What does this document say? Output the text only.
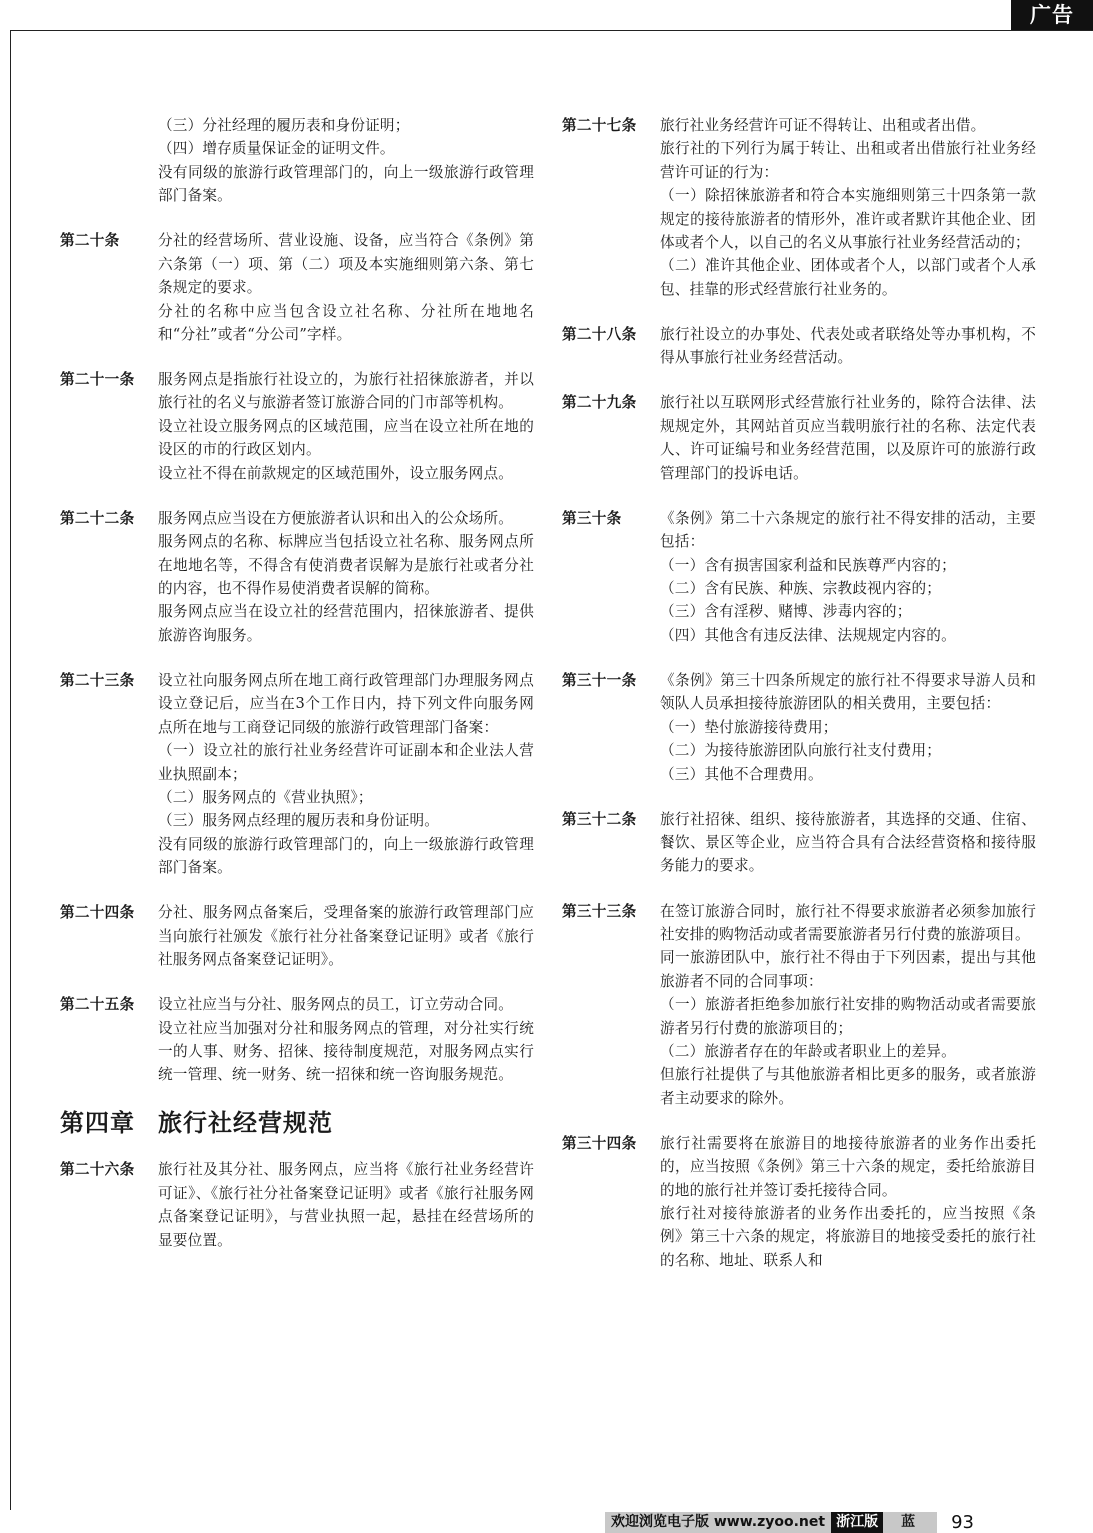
广告
（三）分社经理的履历表和身份证明；
（四）增存质量保证金的证明文件。
没有同级的旅游行政管理部门的，向上一级旅游行政管理部门备案。
第二十条	分社的经营场所、营业设施、设备，应当符合《条例》第六条第（一）项、第（二）项及本实施细则第六条、第七条规定的要求。
分社的名称中应当包含设立社名称、分社所在地地名和“分社”或者“分公司”字样。
第二十一条	服务网点是指旅行社设立的，为旅行社招徕旅游者，并以旅行社的名义与旅游者签订旅游合同的门市部等机构。
设立社设立服务网点的区域范围，应当在设立社所在地的设区的市的行政区划内。
设立社不得在前款规定的区域范围外，设立服务网点。
第二十二条	服务网点应当设在方便旅游者认识和出入的公众场所。
服务网点的名称、标牌应当包括设立社名称、服务网点所在地地名等，不得含有使消费者误解为是旅行社或者分社的内容，也不得作易使消费者误解的简称。
服务网点应当在设立社的经营范围内，招徕旅游者、提供旅游咨询服务。
第二十三条	设立社向服务网点所在地工商行政管理部门办理服务网点设立登记后，应当在3个工作日内，持下列文件向服务网点所在地与工商登记同级的旅游行政管理部门备案：
（一）设立社的旅行社业务经营许可证副本和企业法人营业执照副本；
（二）服务网点的《营业执照》；
（三）服务网点经理的履历表和身份证明。
没有同级的旅游行政管理部门的，向上一级旅游行政管理部门备案。
第二十四条	分社、服务网点备案后，受理备案的旅游行政管理部门应当向旅行社颁发《旅行社分社备案登记证明》或者《旅行社服务网点备案登记证明》。
第二十五条	设立社应当与分社、服务网点的员工，订立劳动合同。
设立社应当加强对分社和服务网点的管理，对分社实行统一的人事、财务、招徕、接待制度规范，对服务网点实行统一管理、统一财务、统一招徕和统一咨询服务规范。
第四章 旅行社经营规范
第二十六条	旅行社及其分社、服务网点，应当将《旅行社业务经营许可证》、《旅行社分社备案登记证明》或者《旅行社服务网点备案登记证明》，与营业执照一起，悬挂在经营场所的显要位置。
第二十七条	旅行社业务经营许可证不得转让、出租或者出借。
旅行社的下列行为属于转让、出租或者出借旅行社业务经营许可证的行为：
（一）除招徕旅游者和符合本实施细则第三十四条第一款规定的接待旅游者的情形外，准许或者默许其他企业、团体或者个人，以自己的名义从事旅行社业务经营活动的；
（二）准许其他企业、团体或者个人，以部门或者个人承包、挂靠的形式经营旅行社业务的。
第二十八条	旅行社设立的办事处、代表处或者联络处等办事机构，不得从事旅行社业务经营活动。
第二十九条	旅行社以互联网形式经营旅行社业务的，除符合法律、法规规定外，其网站首页应当载明旅行社的名称、法定代表人、许可证编号和业务经营范围，以及原许可的旅游行政管理部门的投诉电话。
第三十条	《条例》第二十六条规定的旅行社不得安排的活动，主要包括：
（一）含有损害国家利益和民族尊严内容的；
（二）含有民族、种族、宗教歧视内容的；
（三）含有淫秽、赌博、涉毒内容的；
（四）其他含有违反法律、法规规定内容的。
第三十一条	《条例》第三十四条所规定的旅行社不得要求导游人员和领队人员承担接待旅游团队的相关费用，主要包括：
（一）垫付旅游接待费用；
（二）为接待旅游团队向旅行社支付费用；
（三）其他不合理费用。
第三十二条	旅行社招徕、组织、接待旅游者，其选择的交通、住宿、餐饮、景区等企业，应当符合具有合法经营资格和接待服务能力的要求。
第三十三条	在签订旅游合同时，旅行社不得要求旅游者必须参加旅行社安排的购物活动或者需要旅游者另行付费的旅游项目。
同一旅游团队中，旅行社不得由于下列因素，提出与其他旅游者不同的合同事项：
（一）旅游者拒绝参加旅行社安排的购物活动或者需要旅游者另行付费的旅游项目的；
（二）旅游者存在的年龄或者职业上的差异。
但旅行社提供了与其他旅游者相比更多的服务，或者旅游者主动要求的除外。
第三十四条	旅行社需要将在旅游目的地接待旅游者的业务作出委托的，应当按照《条例》第三十六条的规定，委托给旅游目的地的旅行社并签订委托接待合同。
旅行社对接待旅游者的业务作出委托的，应当按照《条例》第三十六条的规定，将旅游目的地接受委托的旅行社的名称、地址、联系人和
欢迎浏览电子版 www.zyoo.net 浙江版	蓝	93
